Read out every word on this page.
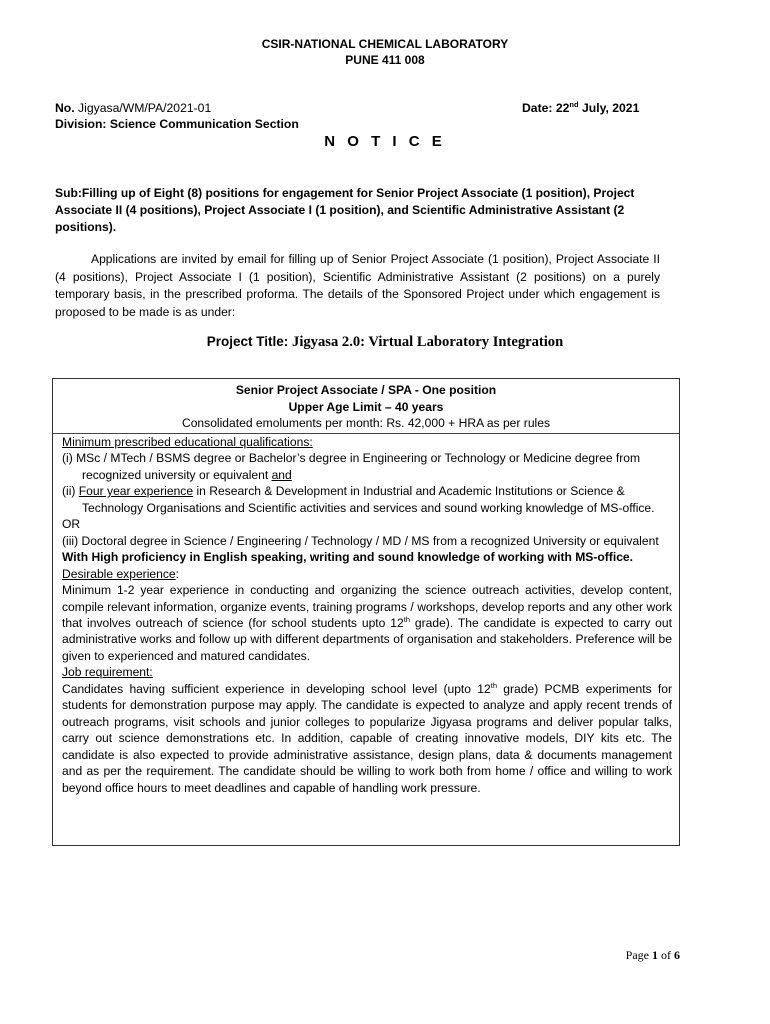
CSIR-NATIONAL CHEMICAL LABORATORY
PUNE 411 008
No. Jigyasa/WM/PA/2021-01	Date: 22nd July, 2021
Division: Science Communication Section
N O T I C E
Sub:Filling up of Eight (8) positions for engagement for Senior Project Associate (1 position), Project Associate II (4 positions), Project Associate I (1 position), and Scientific Administrative Assistant (2 positions).
Applications are invited by email for filling up of Senior Project Associate (1 position), Project Associate II (4 positions), Project Associate I (1 position), Scientific Administrative Assistant (2 positions) on a purely temporary basis, in the prescribed proforma. The details of the Sponsored Project under which engagement is proposed to be made is as under:
Project Title: Jigyasa 2.0: Virtual Laboratory Integration
Senior Project Associate / SPA - One position
Upper Age Limit – 40 years
Consolidated emoluments per month: Rs. 42,000 + HRA as per rules
Minimum prescribed educational qualifications:
(i) MSc / MTech / BSMS degree or Bachelor’s degree in Engineering or Technology or Medicine degree from recognized university or equivalent and
(ii) Four year experience in Research & Development in Industrial and Academic Institutions or Science & Technology Organisations and Scientific activities and services and sound working knowledge of MS-office.
OR
(iii) Doctoral degree in Science / Engineering / Technology / MD / MS from a recognized University or equivalent
With High proficiency in English speaking, writing and sound knowledge of working with MS-office.
Desirable experience:
Minimum 1-2 year experience in conducting and organizing the science outreach activities, develop content, compile relevant information, organize events, training programs / workshops, develop reports and any other work that involves outreach of science (for school students upto 12th grade). The candidate is expected to carry out administrative works and follow up with different departments of organisation and stakeholders. Preference will be given to experienced and matured candidates.
Job requirement:
Candidates having sufficient experience in developing school level (upto 12th grade) PCMB experiments for students for demonstration purpose may apply. The candidate is expected to analyze and apply recent trends of outreach programs, visit schools and junior colleges to popularize Jigyasa programs and deliver popular talks, carry out science demonstrations etc. In addition, capable of creating innovative models, DIY kits etc. The candidate is also expected to provide administrative assistance, design plans, data & documents management and as per the requirement. The candidate should be willing to work both from home / office and willing to work beyond office hours to meet deadlines and capable of handling work pressure.
Page 1 of 6
